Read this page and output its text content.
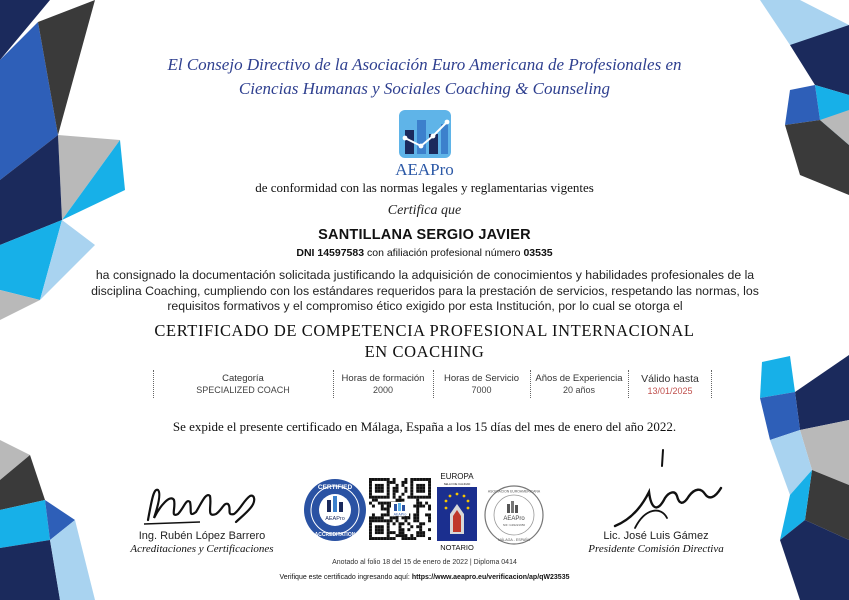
El Consejo Directivo de la Asociación Euro Americana de Profesionales en
Ciencias Humanas y Sociales Coaching & Counseling
AEAPro
de conformidad con las normas legales y reglamentarias vigentes
Certifica que
SANTILLANA SERGIO JAVIER
DNI 14597583 con afiliación profesional número 03535
ha consignado la documentación solicitada justificando la adquisición de conocimientos y habilidades profesionales de la
disciplina Coaching, cumpliendo con los estándares requeridos para la prestación de servicios, respetando las normas, los
requisitos formativos y el compromiso ético exigido por esta Institución, por lo cual se otorga el
CERTIFICADO DE COMPETENCIA PROFESIONAL INTERNACIONAL
EN COACHING
Categoría
SPECIALIZED COACH
Horas de formación
2000
Horas de Servicio
7000
Años de Experiencia
20 años
Válido hasta
13/01/2025
Se expide el presente certificado en Málaga, España a los 15 días del mes de enero del año 2022.
Ing. Rubén López Barrero
Acreditaciones y Certificaciones
Lic. José Luis Gámez
Presidente Comisión Directiva
AEAPro
CERTIFIED
ACCREDITATION
AEAPro
EUROPA
SELLO DE CALIDAD
NOTARIO
AEAPro
NIF: G93221656
ASOCIACION EUROAMERICANA
MÁLAGA - ESPAÑA
Anotado al folio 18 del 15 de enero de 2022 | Diploma 0414
Verifique este certificado ingresando aquí: https://www.aeapro.eu/verificacion/ap/qW23535
